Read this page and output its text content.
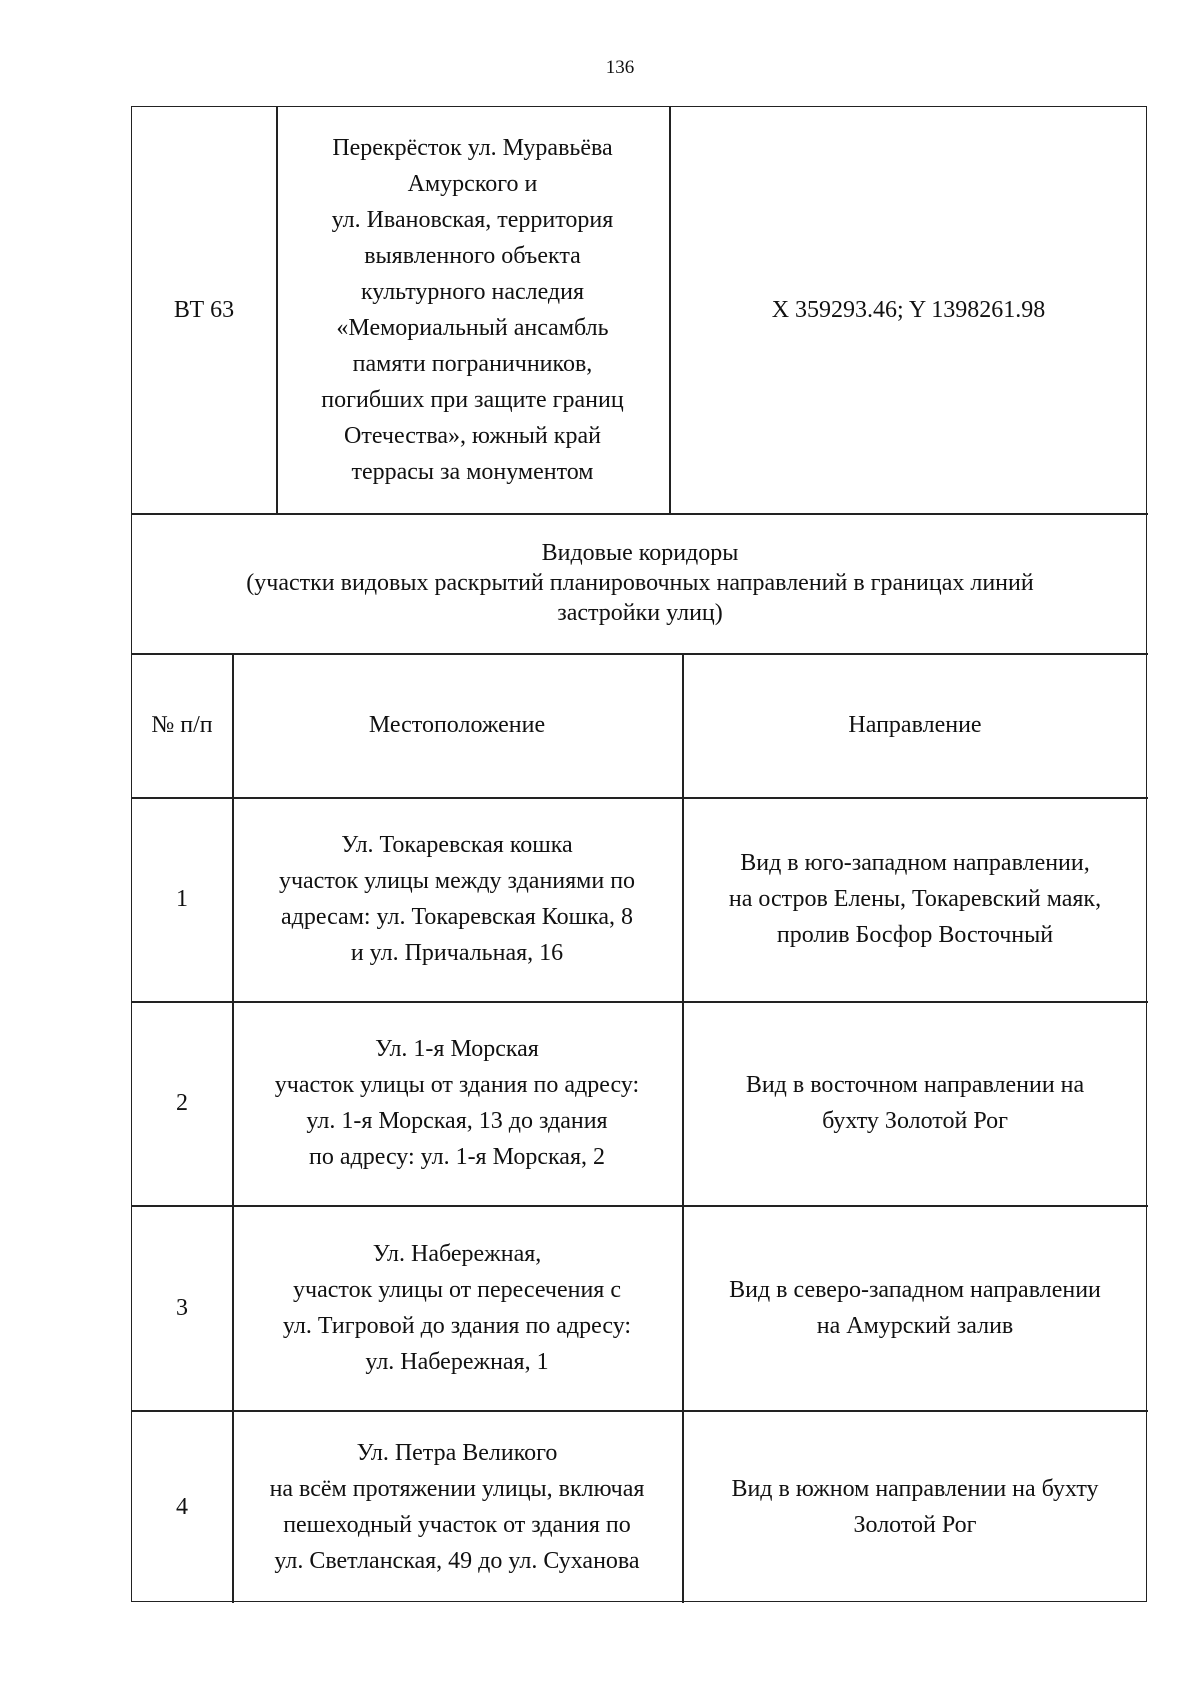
136
ВТ 63
Перекрёсток ул. Муравьёва
Амурского и
ул. Ивановская, территория
выявленного объекта
культурного наследия
«Мемориальный ансамбль
памяти пограничников,
погибших при защите границ
Отечества», южный край
террасы за монументом
X 359293.46; Y 1398261.98
Видовые коридоры
(участки видовых раскрытий планировочных направлений в границах линий
застройки улиц)
№ п/п	Местоположение	Направление
1
Ул. Токаревская кошка
участок улицы между зданиями по
адресам: ул. Токаревская Кошка, 8
и ул. Причальная, 16
Вид в юго-западном направлении,
на остров Елены, Токаревский маяк,
пролив Босфор Восточный
2
Ул. 1-я Морская
участок улицы от здания по адресу:
ул. 1-я Морская, 13 до здания
по адресу: ул. 1-я Морская, 2
Вид в восточном направлении на
бухту Золотой Рог
3
Ул. Набережная,
участок улицы от пересечения с
ул. Тигровой до здания по адресу:
ул. Набережная, 1
Вид в северо-западном направлении
на Амурский залив
4
Ул. Петра Великого
на всём протяжении улицы, включая
пешеходный участок от здания по
ул. Светланская, 49 до ул. Суханова
Вид в южном направлении на бухту
Золотой Рог
